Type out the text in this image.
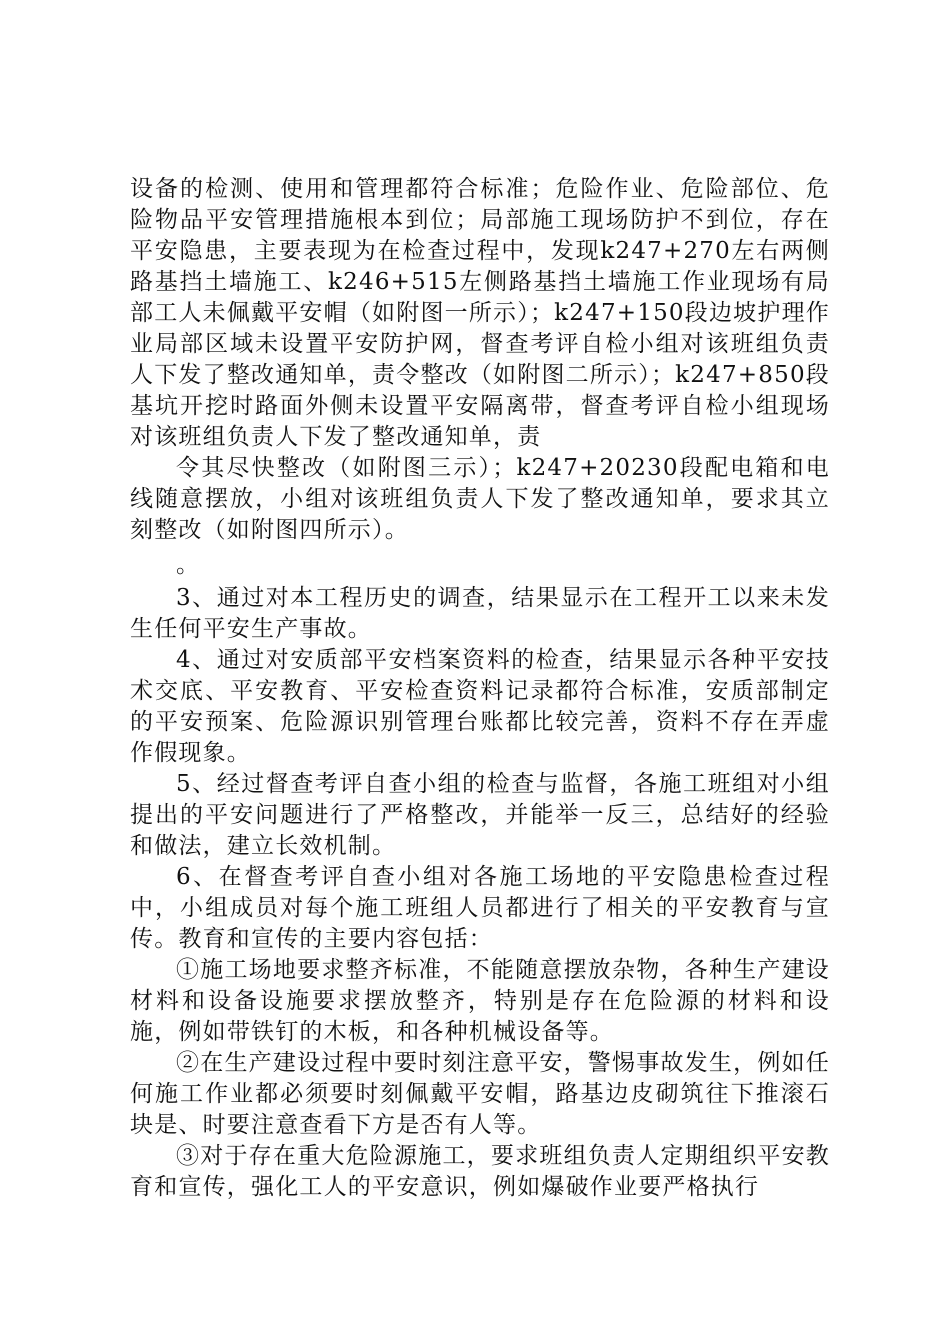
设备的检测、使用和管理都符合标准；危险作业、危险部位、危险物品平安管理措施根本到位；局部施工现场防护不到位，存在平安隐患，主要表现为在检查过程中，发现k247+270左右两侧路基挡土墙施工、k246+515左侧路基挡土墙施工作业现场有局部工人未佩戴平安帽（如附图一所示）；k247+150段边坡护理作业局部区域未设置平安防护网，督查考评自检小组对该班组负责人下发了整改通知单，责令整改（如附图二所示）；k247+850段基坑开挖时路面外侧未设置平安隔离带，督查考评自检小组现场对该班组负责人下发了整改通知单，责

令其尽快整改（如附图三示）；k247+20230段配电箱和电线随意摆放，小组对该班组负责人下发了整改通知单，要求其立刻整改（如附图四所示）。

。

3、通过对本工程历史的调查，结果显示在工程开工以来未发生任何平安生产事故。

4、通过对安质部平安档案资料的检查，结果显示各种平安技术交底、平安教育、平安检查资料记录都符合标准，安质部制定的平安预案、危险源识别管理台账都比较完善，资料不存在弄虚作假现象。

5、经过督查考评自查小组的检查与监督，各施工班组对小组提出的平安问题进行了严格整改，并能举一反三，总结好的经验和做法，建立长效机制。

6、在督查考评自查小组对各施工场地的平安隐患检查过程中，小组成员对每个施工班组人员都进行了相关的平安教育与宣传。教育和宣传的主要内容包括：

①施工场地要求整齐标准，不能随意摆放杂物，各种生产建设材料和设备设施要求摆放整齐，特别是存在危险源的材料和设施，例如带铁钉的木板，和各种机械设备等。

②在生产建设过程中要时刻注意平安，警惕事故发生，例如任何施工作业都必须要时刻佩戴平安帽，路基边皮砌筑往下推滚石块是、时要注意查看下方是否有人等。

③对于存在重大危险源施工，要求班组负责人定期组织平安教育和宣传，强化工人的平安意识，例如爆破作业要严格执行
